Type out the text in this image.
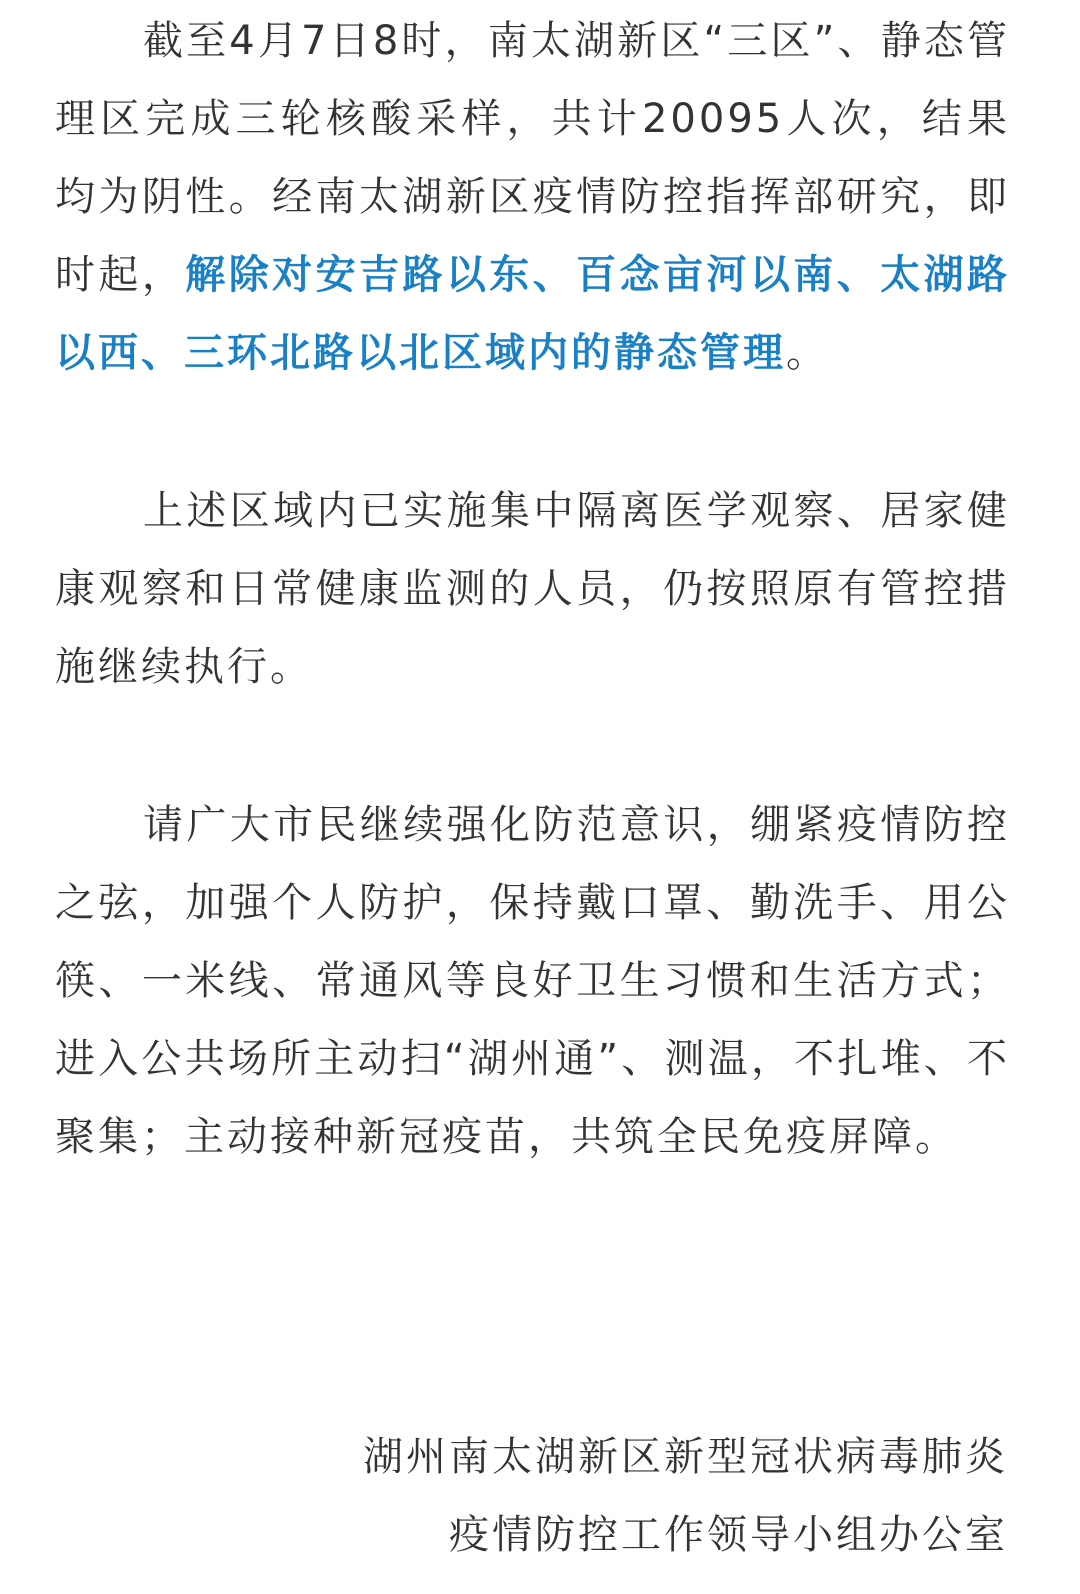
截至4月7日8时，南太湖新区“三区”、静态管理区完成三轮核酸采样，共计20095人次，结果均为阴性。经南太湖新区疫情防控指挥部研究，即时起，解除对安吉路以东、百念亩河以南、太湖路以西、三环北路以北区域内的静态管理。

上述区域内已实施集中隔离医学观察、居家健康观察和日常健康监测的人员，仍按照原有管控措施继续执行。

请广大市民继续强化防范意识，绷紧疫情防控之弦，加强个人防护，保持戴口罩、勤洗手、用公筷、一米线、常通风等良好卫生习惯和生活方式；进入公共场所主动扫“湖州通”、测温，不扎堆、不聚集；主动接种新冠疫苗，共筑全民免疫屏障。

湖州南太湖新区新型冠状病毒肺炎
疫情防控工作领导小组办公室
